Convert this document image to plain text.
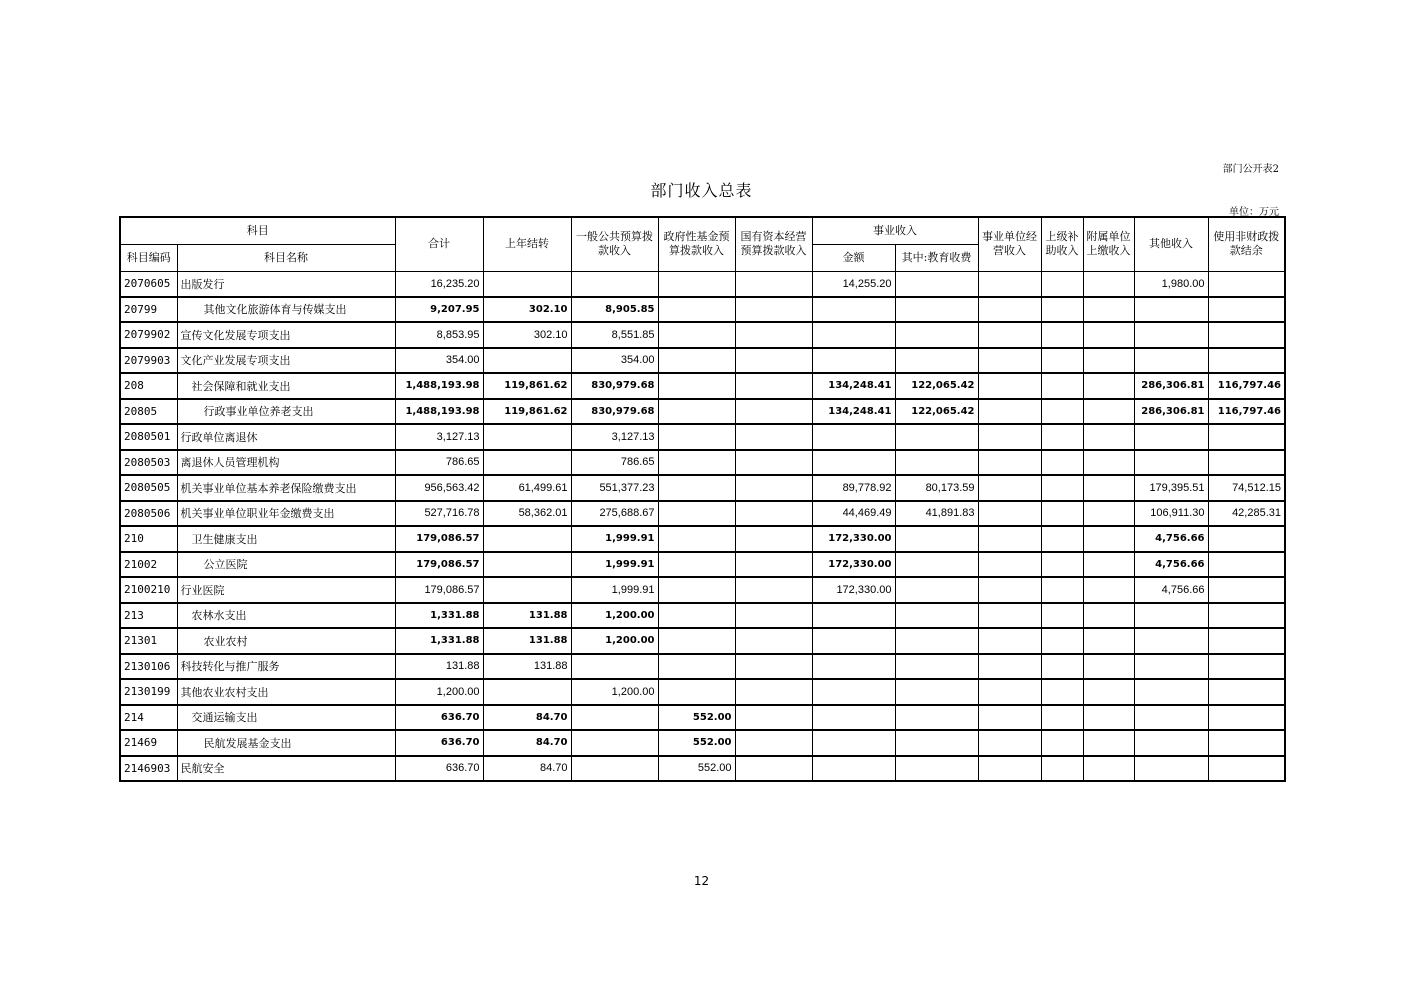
部门公开表2
部门收入总表
单位：万元
科目		合计	上年结转	一般公共预算拨款收入	政府性基金预算拨款收入	国有资本经营预算拨款收入	事业收入		事业单位经营收入	上级补助收入	附属单位上缴收入	其他收入	使用非财政拨款结余
科目编码	科目名称						金额	其中:教育收费					
2070605	出版发行	16,235.20					14,255.20					1,980.00	
20799	其他文化旅游体育与传媒支出	9,207.95	302.10	8,905.85									
2079902	宣传文化发展专项支出	8,853.95	302.10	8,551.85									
2079903	文化产业发展专项支出	354.00		354.00									
208	社会保障和就业支出	1,488,193.98	119,861.62	830,979.68			134,248.41	122,065.42				286,306.81	116,797.46
20805	行政事业单位养老支出	1,488,193.98	119,861.62	830,979.68			134,248.41	122,065.42				286,306.81	116,797.46
2080501	行政单位离退休	3,127.13		3,127.13									
2080503	离退休人员管理机构	786.65		786.65									
2080505	机关事业单位基本养老保险缴费支出	956,563.42	61,499.61	551,377.23			89,778.92	80,173.59				179,395.51	74,512.15
2080506	机关事业单位职业年金缴费支出	527,716.78	58,362.01	275,688.67			44,469.49	41,891.83				106,911.30	42,285.31
210	卫生健康支出	179,086.57		1,999.91			172,330.00					4,756.66	
21002	公立医院	179,086.57		1,999.91			172,330.00					4,756.66	
2100210	行业医院	179,086.57		1,999.91			172,330.00					4,756.66	
213	农林水支出	1,331.88	131.88	1,200.00									
21301	农业农村	1,331.88	131.88	1,200.00									
2130106	科技转化与推广服务	131.88	131.88										
2130199	其他农业农村支出	1,200.00		1,200.00									
214	交通运输支出	636.70	84.70		552.00								
21469	民航发展基金支出	636.70	84.70		552.00								
2146903	民航安全	636.70	84.70		552.00								
12
